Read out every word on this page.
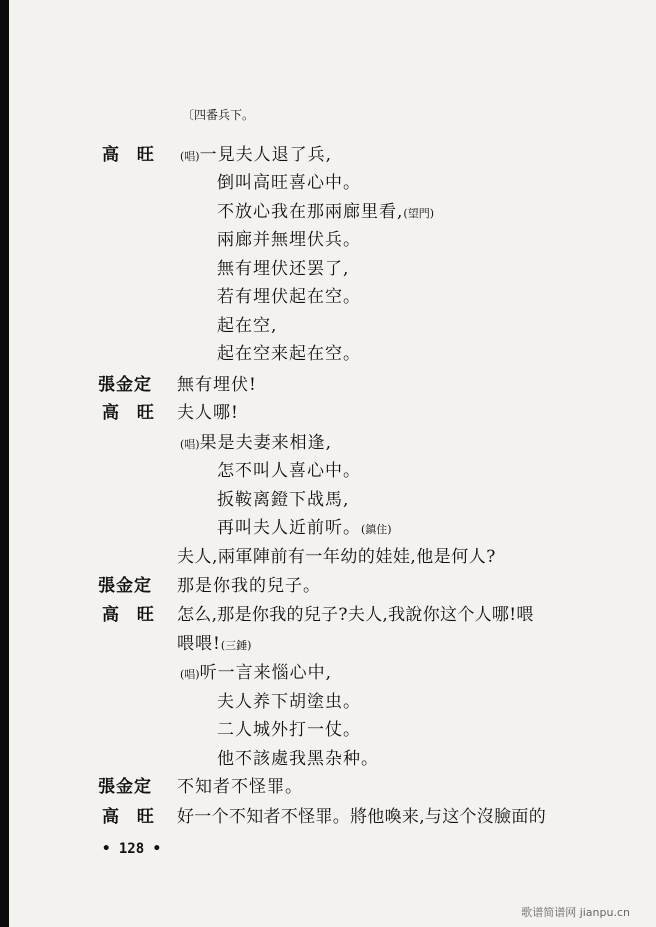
〔四番兵下。
高 旺 (唱)一見夫人退了兵,
倒叫高旺喜心中。
不放心我在那兩廊里看,(望門)
兩廊并無埋伏兵。
無有埋伏还罢了,
若有埋伏起在空。
起在空,
起在空来起在空。
張金定 無有埋伏!
高 旺 夫人哪!
(唱)果是夫妻来相逢,
怎不叫人喜心中。
扳鞍离鐙下战馬,
再叫夫人近前听。(鎮住)
夫人,兩軍陣前有一年幼的娃娃,他是何人?
張金定 那是你我的兒子。
高 旺 怎么,那是你我的兒子?夫人,我說你这个人哪!喂
喂喂!(三錘)
(唱)听一言来惱心中,
夫人养下胡塗虫。
二人城外打一仗。
他不該處我黑杂种。
張金定 不知者不怪罪。
高 旺 好一个不知者不怪罪。將他喚来,与这个沒臉面的
• 128 •
歌谱简谱网 jianpu.cn
